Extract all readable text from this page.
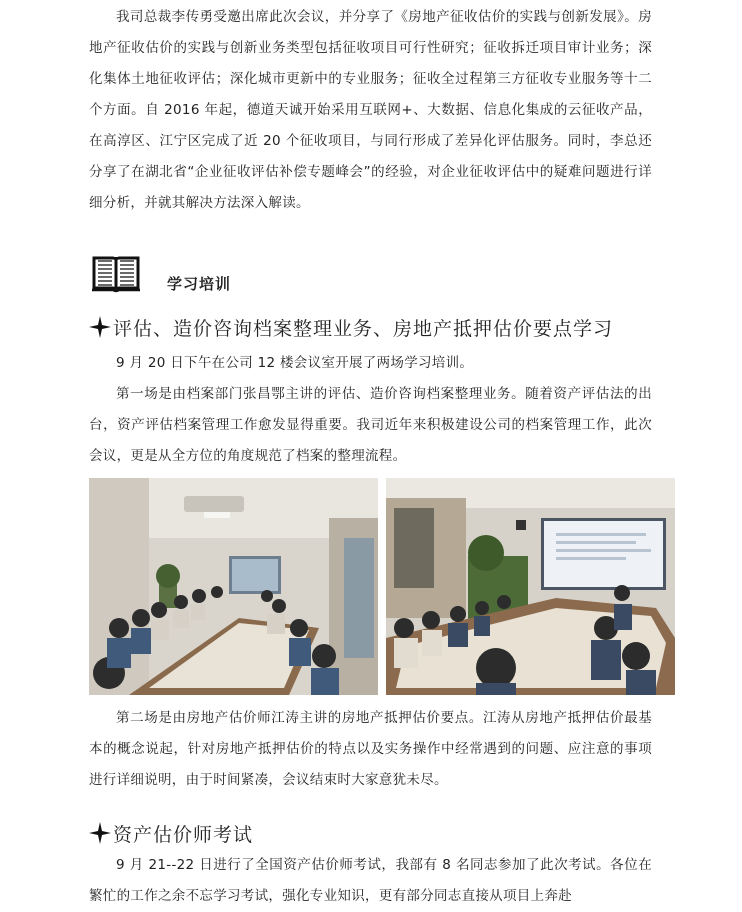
我司总裁李传勇受邀出席此次会议，并分享了《房地产征收估价的实践与创新发展》。房地产征收估价的实践与创新业务类型包括征收项目可行性研究；征收拆迁项目审计业务；深化集体土地征收评估；深化城市更新中的专业服务；征收全过程第三方征收专业服务等十二个方面。自 2016 年起，德道天诚开始采用互联网+、大数据、信息化集成的云征收产品，在高淳区、江宁区完成了近 20 个征收项目，与同行形成了差异化评估服务。同时，李总还分享了在湖北省“企业征收评估补偿专题峰会”的经验，对企业征收评估中的疑难问题进行详细分析，并就其解决方法深入解读。

学习培训
评估、造价咨询档案整理业务、房地产抵押估价要点学习

9 月 20 日下午在公司 12 楼会议室开展了两场学习培训。

第一场是由档案部门张昌鄂主讲的评估、造价咨询档案整理业务。随着资产评估法的出台，资产评估档案管理工作愈发显得重要。我司近年来积极建设公司的档案管理工作，此次会议，更是从全方位的角度规范了档案的整理流程。

第二场是由房地产估价师江涛主讲的房地产抵押估价要点。江涛从房地产抵押估价最基本的概念说起，针对房地产抵押估价的特点以及实务操作中经常遇到的问题、应注意的事项进行详细说明，由于时间紧凑，会议结束时大家意犹未尽。

资产估价师考试

9 月 21--22 日进行了全国资产估价师考试，我部有 8 名同志参加了此次考试。各位在繁忙的工作之余不忘学习考试，强化专业知识，更有部分同志直接从项目上奔赴
